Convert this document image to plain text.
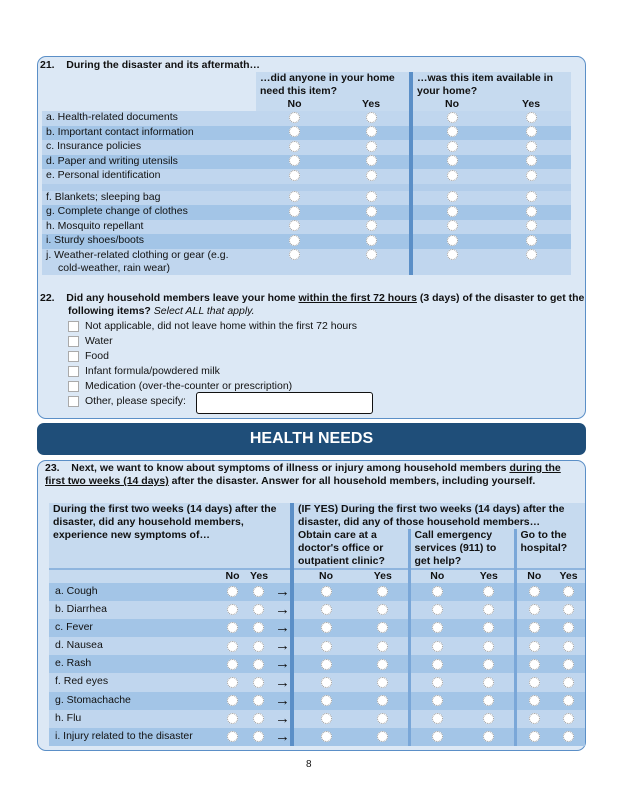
21. During the disaster and its aftermath…
	…did anyone in your home need this item?		…was this item available in your home?	
	No	Yes	No	Yes
a. Health-related documents				
b. Important contact information				
c. Insurance policies				
d. Paper and writing utensils				
e. Personal identification				

f. Blankets; sleeping bag				
g. Complete change of clothes				
h. Mosquito repellant				
i. Sturdy shoes/boots				
j. Weather-related clothing or gear (e.g. cold-weather, rain wear)				
22. Did any household members leave your home within the first 72 hours (3 days) of the disaster to get the following items? Select ALL that apply.
Not applicable, did not leave home within the first 72 hours
Water
Food
Infant formula/powdered milk
Medication (over-the-counter or prescription)
Other, please specify:
HEALTH NEEDS
23. Next, we want to know about symptoms of illness or injury among household members during the first two weeks (14 days) after the disaster. Answer for all household members, including yourself.
During the first two weeks (14 days) after the disaster, did any household members, experience new symptoms of…					(IF YES) During the first two weeks (14 days) after the disaster, did any of those household members…					
					Obtain care at a doctor's office or outpatient clinic?		Call emergency services (911) to get help?		Go to the hospital?	
	No	Yes			No	Yes	No	Yes	No	Yes
a. Cough			→							
b. Diarrhea			→							
c. Fever			→							
d. Nausea			→							
e. Rash			→							
f. Red eyes			→							
g. Stomachache			→							
h. Flu			→							
i. Injury related to the disaster			→							
8
